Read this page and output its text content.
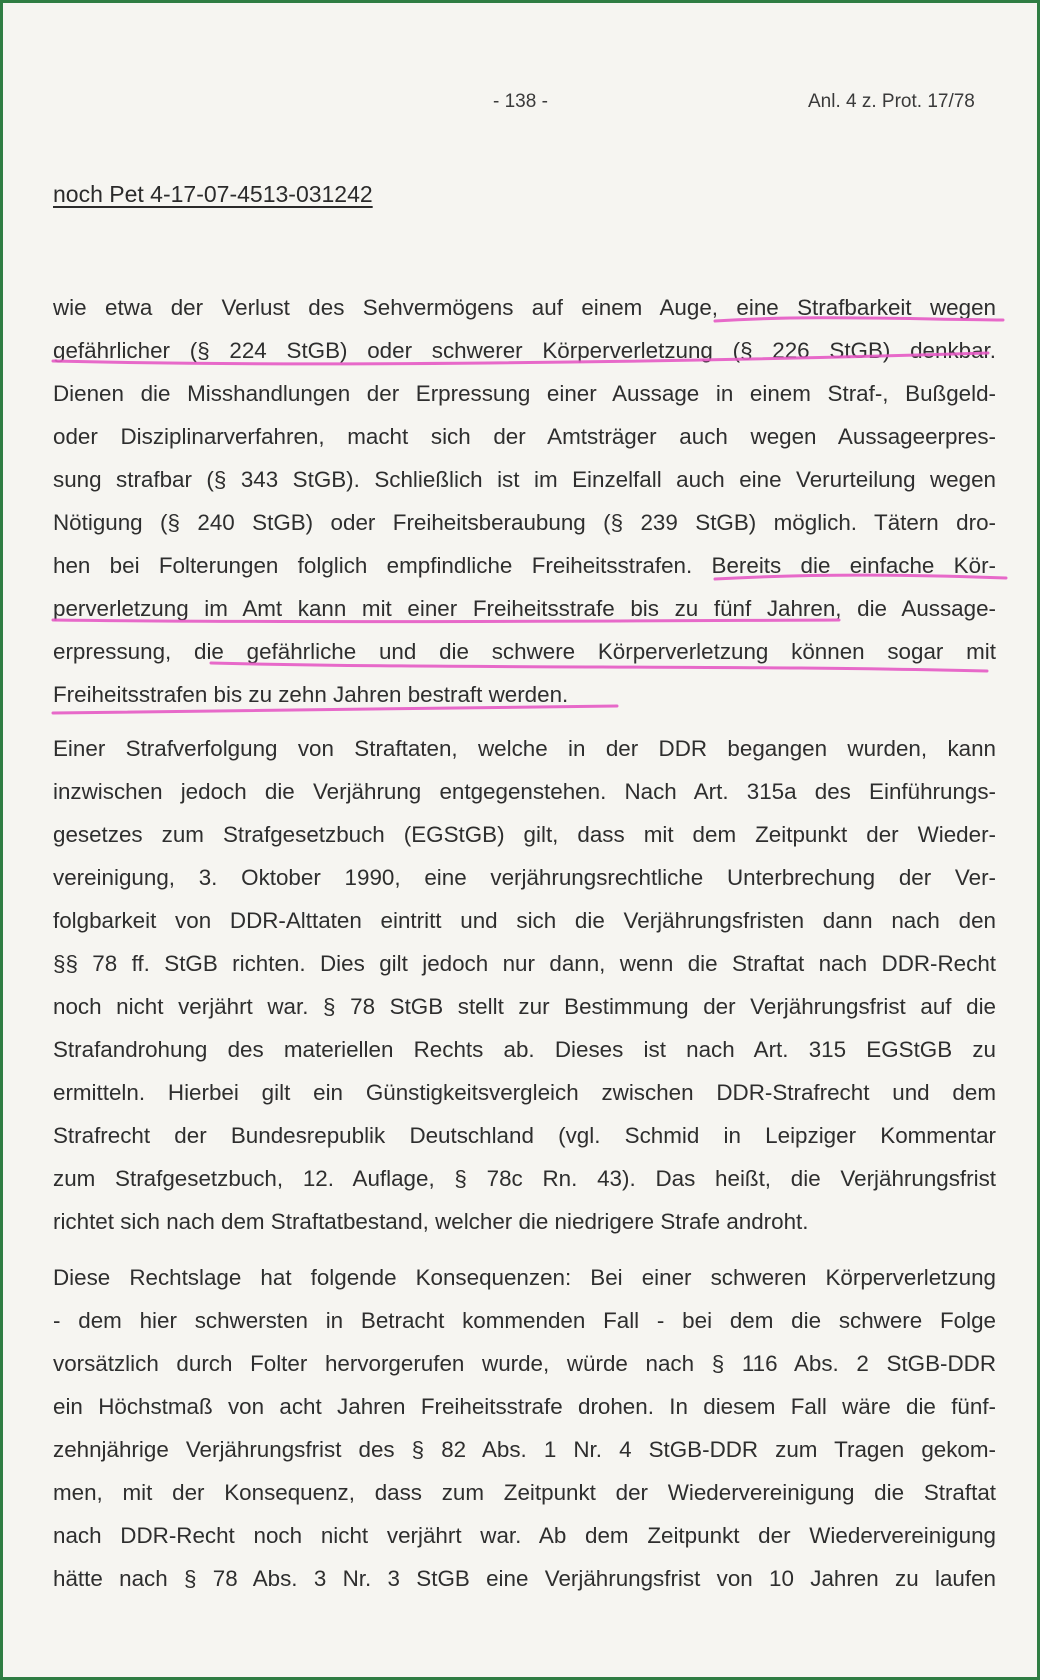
- 138 -	Anl. 4 z. Prot. 17/78
noch Pet 4-17-07-4513-031242
wie etwa der Verlust des Sehvermögens auf einem Auge, eine Strafbarkeit wegen
gefährlicher (§ 224 StGB) oder schwerer Körperverletzung (§ 226 StGB) denkbar.
Dienen die Misshandlungen der Erpressung einer Aussage in einem Straf-, Bußgeld-
oder Disziplinarverfahren, macht sich der Amtsträger auch wegen Aussageerpres-
sung strafbar (§ 343 StGB). Schließlich ist im Einzelfall auch eine Verurteilung wegen
Nötigung (§ 240 StGB) oder Freiheitsberaubung (§ 239 StGB) möglich. Tätern dro-
hen bei Folterungen folglich empfindliche Freiheitsstrafen. Bereits die einfache Kör-
perverletzung im Amt kann mit einer Freiheitsstrafe bis zu fünf Jahren, die Aussage-
erpressung, die gefährliche und die schwere Körperverletzung können sogar mit
Freiheitsstrafen bis zu zehn Jahren bestraft werden.
Einer Strafverfolgung von Straftaten, welche in der DDR begangen wurden, kann
inzwischen jedoch die Verjährung entgegenstehen. Nach Art. 315a des Einführungs-
gesetzes zum Strafgesetzbuch (EGStGB) gilt, dass mit dem Zeitpunkt der Wieder-
vereinigung, 3. Oktober 1990, eine verjährungsrechtliche Unterbrechung der Ver-
folgbarkeit von DDR-Alttaten eintritt und sich die Verjährungsfristen dann nach den
§§ 78 ff. StGB richten. Dies gilt jedoch nur dann, wenn die Straftat nach DDR-Recht
noch nicht verjährt war. § 78 StGB stellt zur Bestimmung der Verjährungsfrist auf die
Strafandrohung des materiellen Rechts ab. Dieses ist nach Art. 315 EGStGB zu
ermitteln. Hierbei gilt ein Günstigkeitsvergleich zwischen DDR-Strafrecht und dem
Strafrecht der Bundesrepublik Deutschland (vgl. Schmid in Leipziger Kommentar
zum Strafgesetzbuch, 12. Auflage, § 78c Rn. 43). Das heißt, die Verjährungsfrist
richtet sich nach dem Straftatbestand, welcher die niedrigere Strafe androht.
Diese Rechtslage hat folgende Konsequenzen: Bei einer schweren Körperverletzung
- dem hier schwersten in Betracht kommenden Fall - bei dem die schwere Folge
vorsätzlich durch Folter hervorgerufen wurde, würde nach § 116 Abs. 2 StGB-DDR
ein Höchstmaß von acht Jahren Freiheitsstrafe drohen. In diesem Fall wäre die fünf-
zehnjährige Verjährungsfrist des § 82 Abs. 1 Nr. 4 StGB-DDR zum Tragen gekom-
men, mit der Konsequenz, dass zum Zeitpunkt der Wiedervereinigung die Straftat
nach DDR-Recht noch nicht verjährt war. Ab dem Zeitpunkt der Wiedervereinigung
hätte nach § 78 Abs. 3 Nr. 3 StGB eine Verjährungsfrist von 10 Jahren zu laufen
